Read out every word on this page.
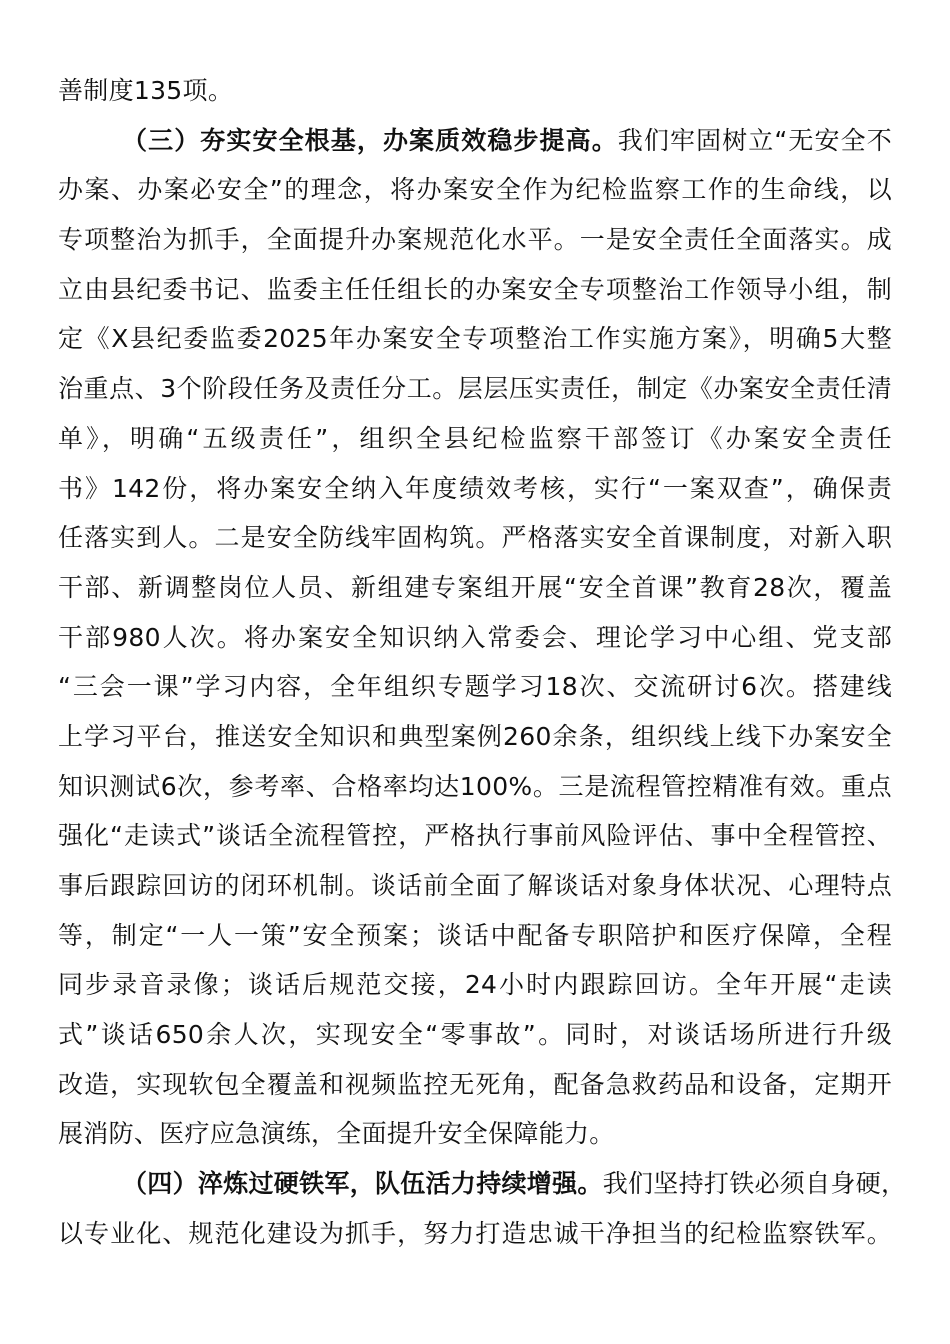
善制度135项。
（三）夯实安全根基，办案质效稳步提高。我们牢固树立“无安全不
办案、办案必安全”的理念，将办案安全作为纪检监察工作的生命线，以
专项整治为抓手，全面提升办案规范化水平。一是安全责任全面落实。成
立由县纪委书记、监委主任任组长的办案安全专项整治工作领导小组，制
定《X县纪委监委2025年办案安全专项整治工作实施方案》，明确5大整
治重点、3个阶段任务及责任分工。层层压实责任，制定《办案安全责任清
单》，明确“五级责任”，组织全县纪检监察干部签订《办案安全责任
书》142份，将办案安全纳入年度绩效考核，实行“一案双查”，确保责
任落实到人。二是安全防线牢固构筑。严格落实安全首课制度，对新入职
干部、新调整岗位人员、新组建专案组开展“安全首课”教育28次，覆盖
干部980人次。将办案安全知识纳入常委会、理论学习中心组、党支部
“三会一课”学习内容，全年组织专题学习18次、交流研讨6次。搭建线
上学习平台，推送安全知识和典型案例260余条，组织线上线下办案安全
知识测试6次，参考率、合格率均达100%。三是流程管控精准有效。重点
强化“走读式”谈话全流程管控，严格执行事前风险评估、事中全程管控、
事后跟踪回访的闭环机制。谈话前全面了解谈话对象身体状况、心理特点
等，制定“一人一策”安全预案；谈话中配备专职陪护和医疗保障，全程
同步录音录像；谈话后规范交接，24小时内跟踪回访。全年开展“走读
式”谈话650余人次，实现安全“零事故”。同时，对谈话场所进行升级
改造，实现软包全覆盖和视频监控无死角，配备急救药品和设备，定期开
展消防、医疗应急演练，全面提升安全保障能力。
（四）淬炼过硬铁军，队伍活力持续增强。我们坚持打铁必须自身硬，
以专业化、规范化建设为抓手，努力打造忠诚干净担当的纪检监察铁军。
